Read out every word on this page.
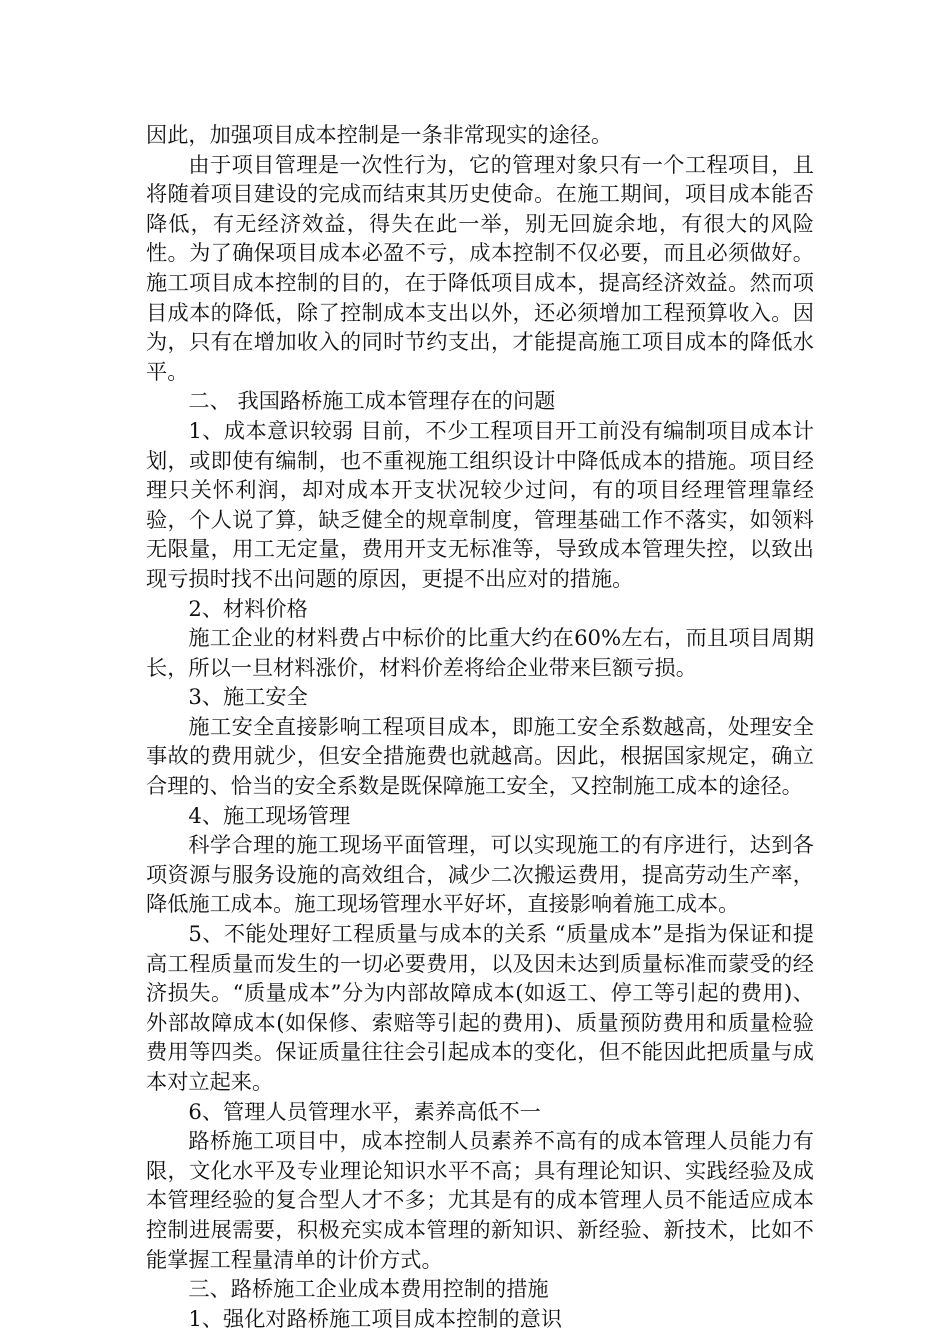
因此，加强项目成本控制是一条非常现实的途径。

由于项目管理是一次性行为，它的管理对象只有一个工程项目，且将随着项目建设的完成而结束其历史使命。在施工期间，项目成本能否降低，有无经济效益，得失在此一举，别无回旋余地，有很大的风险性。为了确保项目成本必盈不亏，成本控制不仅必要，而且必须做好。施工项目成本控制的目的，在于降低项目成本，提高经济效益。然而项目成本的降低，除了控制成本支出以外，还必须增加工程预算收入。因为，只有在增加收入的同时节约支出，才能提高施工项目成本的降低水平。

二、 我国路桥施工成本管理存在的问题

1、成本意识较弱 目前，不少工程项目开工前没有编制项目成本计划，或即使有编制，也不重视施工组织设计中降低成本的措施。项目经理只关怀利润，却对成本开支状况较少过问，有的项目经理管理靠经验，个人说了算，缺乏健全的规章制度，管理基础工作不落实，如领料无限量，用工无定量，费用开支无标准等，导致成本管理失控，以致出现亏损时找不出问题的原因，更提不出应对的措施。

2、材料价格

施工企业的材料费占中标价的比重大约在60%左右，而且项目周期长，所以一旦材料涨价，材料价差将给企业带来巨额亏损。

3、施工安全

施工安全直接影响工程项目成本，即施工安全系数越高，处理安全事故的费用就少，但安全措施费也就越高。因此，根据国家规定，确立合理的、恰当的安全系数是既保障施工安全，又控制施工成本的途径。

4、施工现场管理

科学合理的施工现场平面管理，可以实现施工的有序进行，达到各项资源与服务设施的高效组合，减少二次搬运费用，提高劳动生产率，降低施工成本。施工现场管理水平好坏，直接影响着施工成本。

5、不能处理好工程质量与成本的关系 “质量成本”是指为保证和提高工程质量而发生的一切必要费用，以及因未达到质量标准而蒙受的经济损失。“质量成本”分为内部故障成本(如返工、停工等引起的费用)、外部故障成本(如保修、索赔等引起的费用)、质量预防费用和质量检验费用等四类。保证质量往往会引起成本的变化，但不能因此把质量与成本对立起来。

6、管理人员管理水平，素养高低不一

路桥施工项目中，成本控制人员素养不高有的成本管理人员能力有限，文化水平及专业理论知识水平不高；具有理论知识、实践经验及成本管理经验的复合型人才不多；尤其是有的成本管理人员不能适应成本控制进展需要，积极充实成本管理的新知识、新经验、新技术，比如不能掌握工程量清单的计价方式。

三、路桥施工企业成本费用控制的措施

1、强化对路桥施工项目成本控制的意识
